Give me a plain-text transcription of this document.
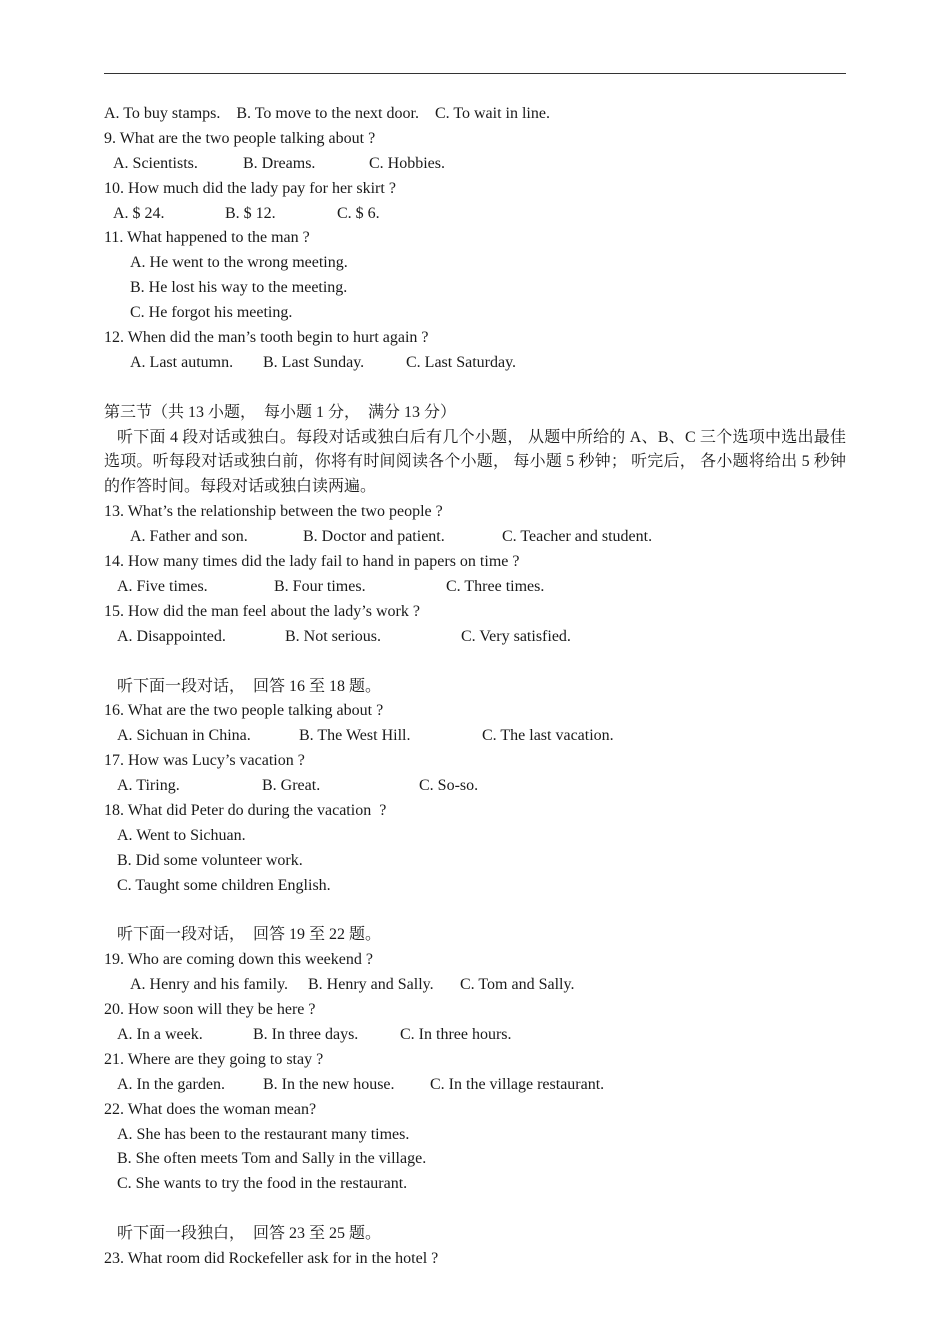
A. To buy stamps.    B. To move to the next door.    C. To wait in line.
9. What are the two people talking about ?
A. Scientists.	B. Dreams.	C. Hobbies.
10. How much did the lady pay for her skirt ?
A. $ 24.	B. $ 12.	C. $ 6.
11. What happened to the man ?
A. He went to the wrong meeting.
B. He lost his way to the meeting.
C. He forgot his meeting.
12. When did the man’s tooth begin to hurt again ?
A. Last autumn. B. Last Sunday.	C. Last Saturday.
第三节（共 13 小题，  每小题 1 分，  满分 13 分）
听下面 4 段对话或独白。每段对话或独白后有几个小题， 从题中所给的 A、B、C 三个选项中选出最佳选项。听每段对话或独白前，你将有时间阅读各个小题， 每小题 5 秒钟； 听完后， 各小题将给出 5 秒钟的作答时间。每段对话或独白读两遍。
13. What’s the relationship between the two people ?
A. Father and son.	B. Doctor and patient.	C. Teacher and student.
14. How many times did the lady fail to hand in papers on time ?
A. Five times.	B. Four times.	C. Three times.
15. How did the man feel about the lady’s work ?
A. Disappointed.	B. Not serious.	C. Very satisfied.
听下面一段对话，  回答 16 至 18 题。
16. What are the two people talking about ?
A. Sichuan in China.	B. The West Hill.	C. The last vacation.
17. How was Lucy’s vacation ?
A. Tiring.	B. Great.	C. So-so.
18. What did Peter do during the vacation  ?
A. Went to Sichuan.
B. Did some volunteer work.
C. Taught some children English.
听下面一段对话，  回答 19 至 22 题。
19. Who are coming down this weekend ?
A. Henry and his family. B. Henry and Sally. C. Tom and Sally.
20. How soon will they be here ?
A. In a week.	B. In three days.	C. In three hours.
21. Where are they going to stay ?
A. In the garden. B. In the new house. C. In the village restaurant.
22. What does the woman mean?
A. She has been to the restaurant many times.
B. She often meets Tom and Sally in the village.
C. She wants to try the food in the restaurant.
听下面一段独白，  回答 23 至 25 题。
23. What room did Rockefeller ask for in the hotel ?
